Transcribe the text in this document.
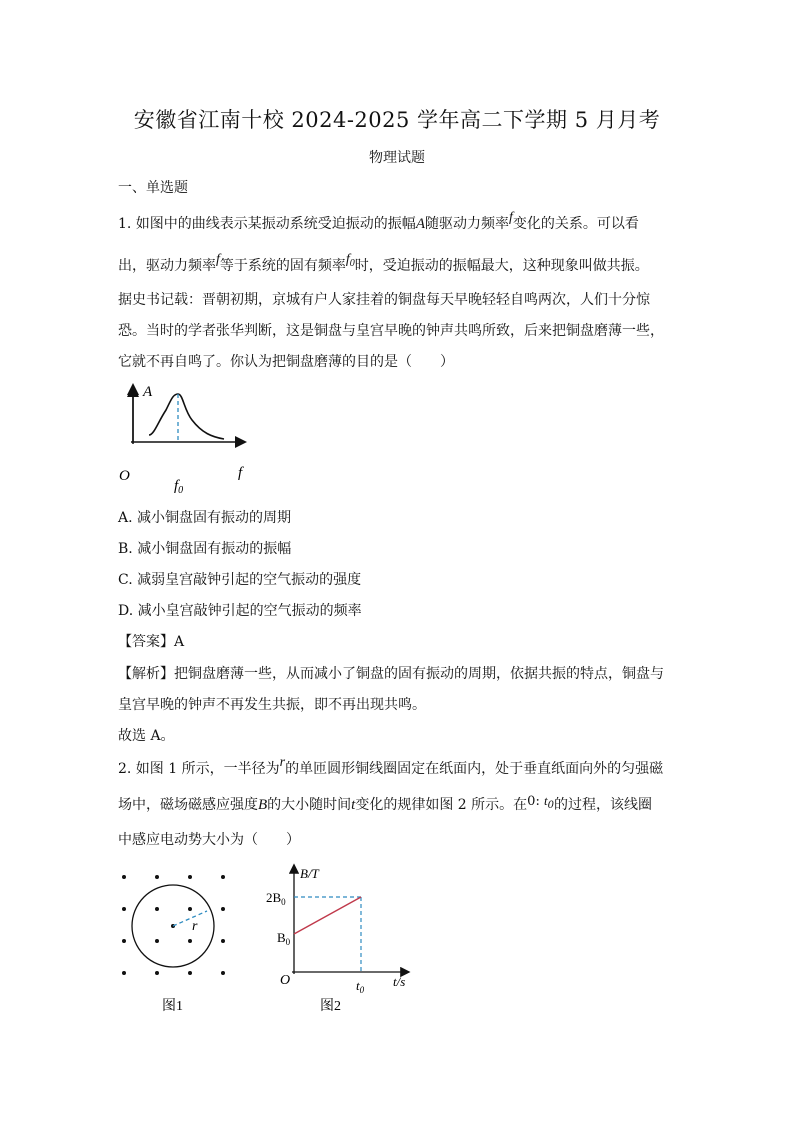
安徽省江南十校 2024-2025 学年高二下学期 5 月月考
物理试题
一、单选题
1. 如图中的曲线表示某振动系统受迫振动的振幅A随驱动力频率f变化的关系。可以看
出，驱动力频率f等于系统的固有频率$f_0$时，受迫振动的振幅最大，这种现象叫做共振。
据史书记载：晋朝初期，京城有户人家挂着的铜盘每天早晚轻轻自鸣两次，人们十分惊
恐。当时的学者张华判断，这是铜盘与皇宫早晚的钟声共鸣所致，后来把铜盘磨薄一些，
它就不再自鸣了。你认为把铜盘磨薄的目的是（　　）
A
O	f
$f_0$
A. 减小铜盘固有振动的周期
B. 减小铜盘固有振动的振幅
C. 减弱皇宫敲钟引起的空气振动的强度
D. 减小皇宫敲钟引起的空气振动的频率
【答案】A
【解析】把铜盘磨薄一些，从而减小了铜盘的固有振动的周期，依据共振的特点，铜盘与
皇宫早晚的钟声不再发生共振，即不再出现共鸣。
故选 A。
2. 如图 1 所示，一半径为r的单匝圆形铜线圈固定在纸面内，处于垂直纸面向外的匀强磁
场中，磁场磁感应强度B的大小随时间t变化的规律如图 2 所示。在0: $t_0$的过程，该线圈
中感应电动势大小为（　　）
r
图1
B/T
t/s
O
$2B_0$
$B_0$
$t_0$
图2
